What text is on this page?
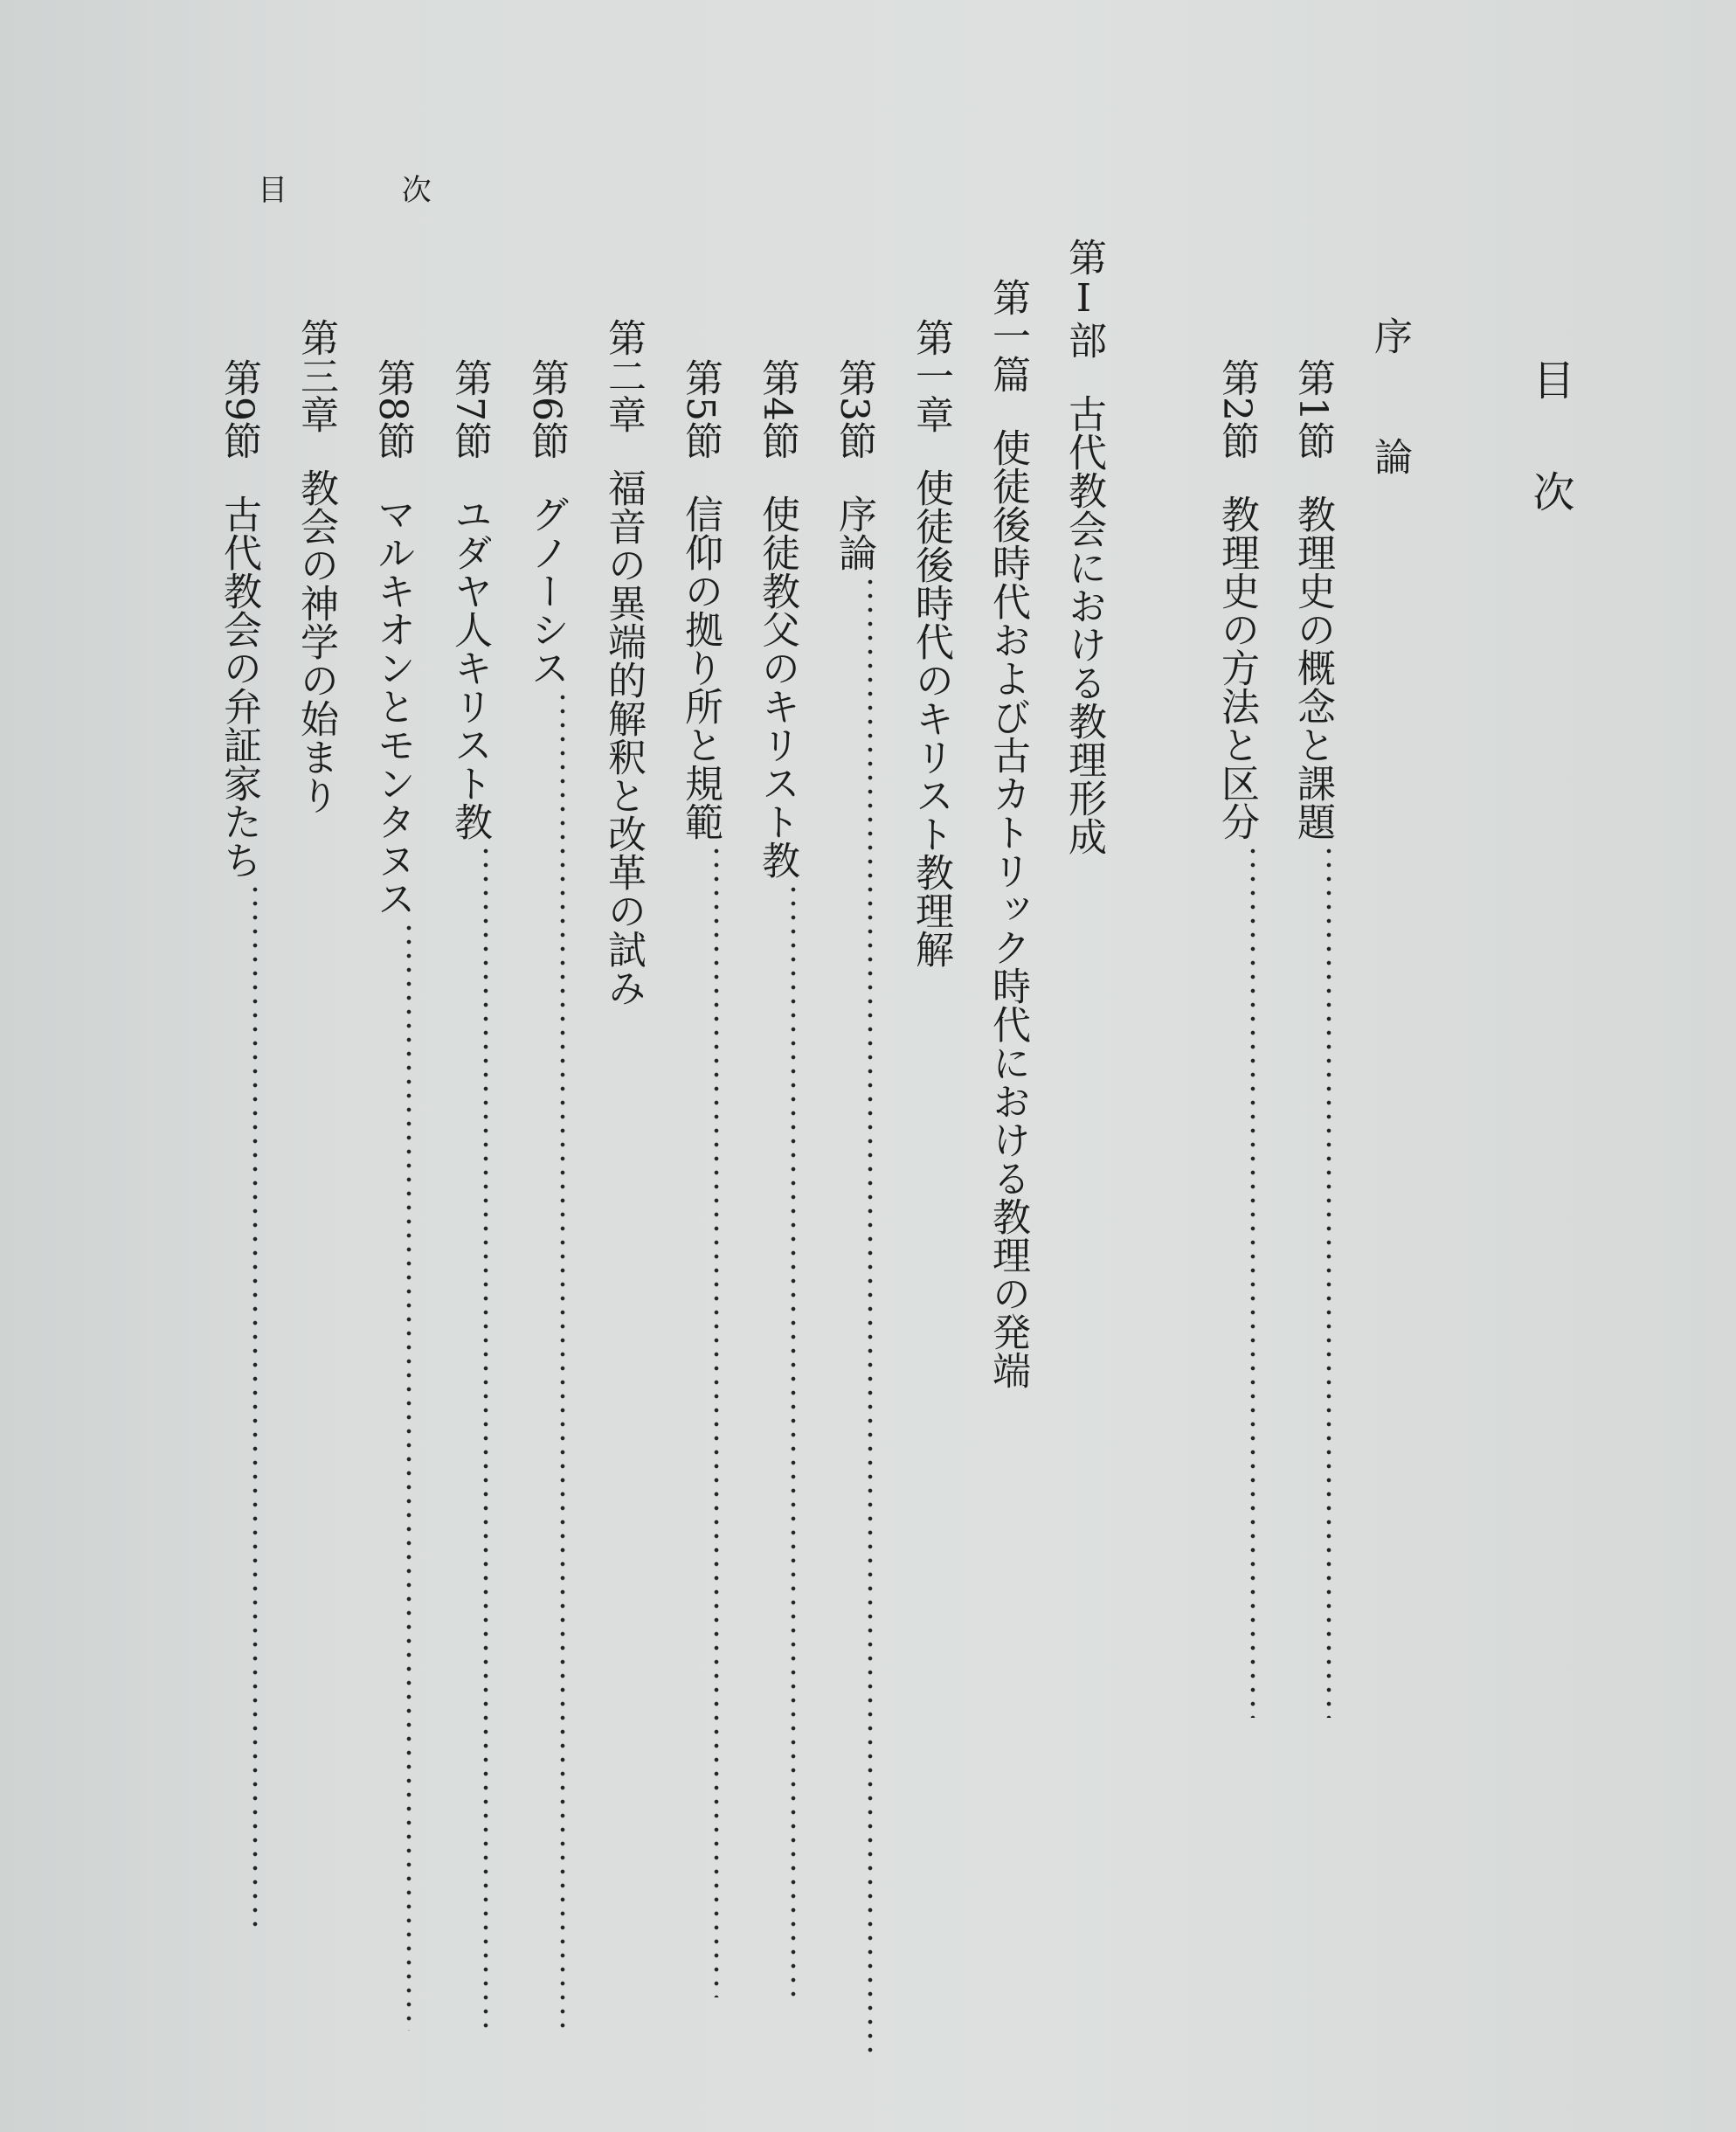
目 次
目次
序
論
第1節
教理史の概念と課題
第2節
教理史の方法と区分
第Ⅰ部
古代教会における教理形成
第一篇
使徒後時代および古カトリック時代における教理の発端
第一章
使徒後時代のキリスト教理解
第3節
序論
第4節
使徒教父のキリスト教
第5節
信仰の拠り所と規範
第二章
福音の異端的解釈と改革の試み
第6節
グノーシス
第7節
ユダヤ人キリスト教
第8節
マルキオンとモンタヌス
第三章
教会の神学の始まり
第9節
古代教会の弁証家たち
